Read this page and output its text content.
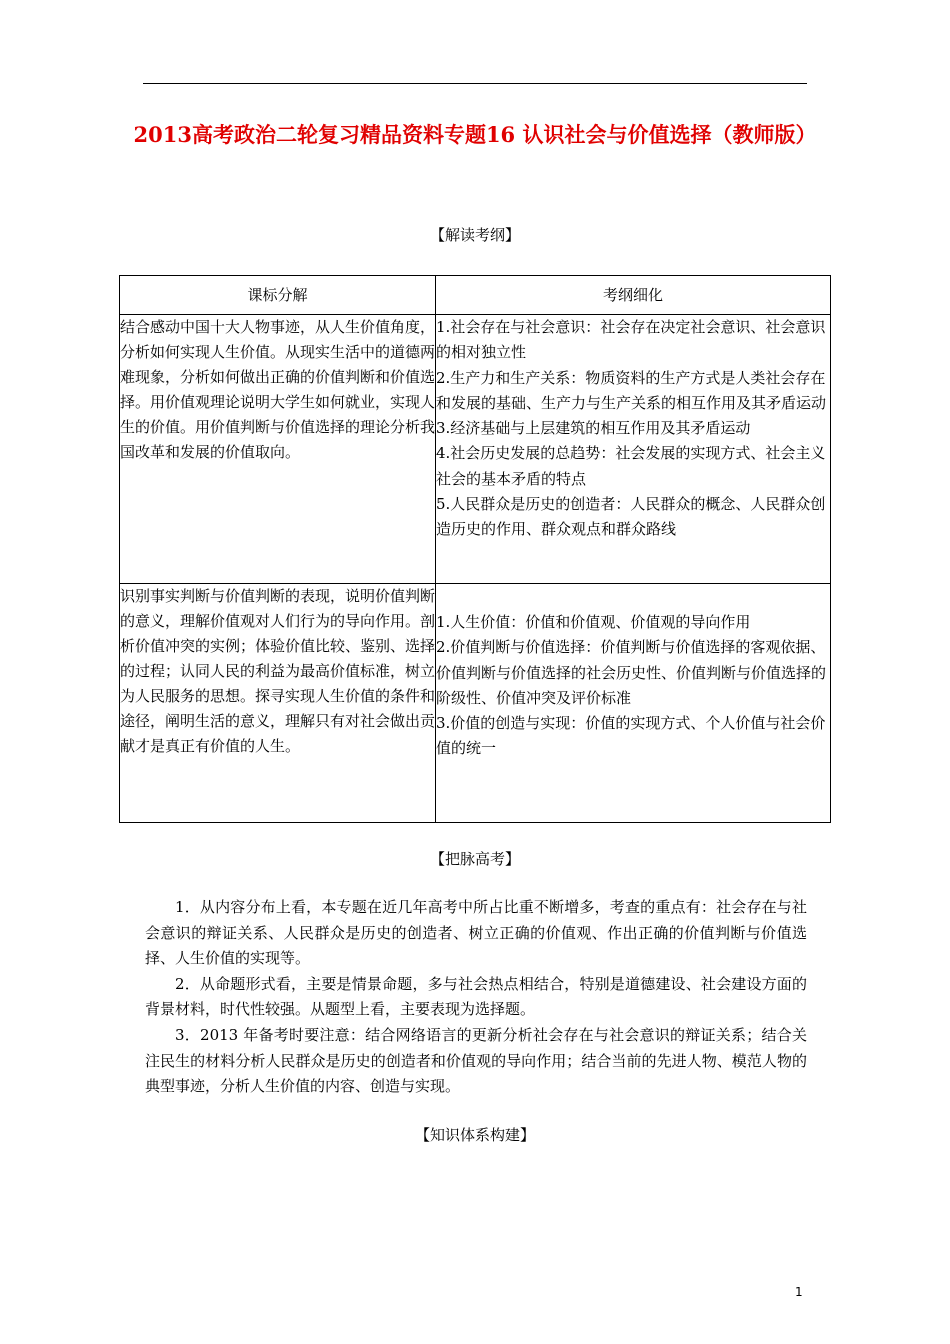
2013高考政治二轮复习精品资料专题16 认识社会与价值选择（教师版）
【解读考纲】
课标分解	考纲细化
结合感动中国十大人物事迹，从人生价值角度，分析如何实现人生价值。从现实生活中的道德两难现象，分析如何做出正确的价值判断和价值选择。用价值观理论说明大学生如何就业，实现人生的价值。用价值判断与价值选择的理论分析我国改革和发展的价值取向。	1.社会存在与社会意识：社会存在决定社会意识、社会意识的相对独立性
2.生产力和生产关系：物质资料的生产方式是人类社会存在和发展的基础、生产力与生产关系的相互作用及其矛盾运动
3.经济基础与上层建筑的相互作用及其矛盾运动
4.社会历史发展的总趋势：社会发展的实现方式、社会主义社会的基本矛盾的特点
5.人民群众是历史的创造者：人民群众的概念、人民群众创造历史的作用、群众观点和群众路线

识别事实判断与价值判断的表现，说明价值判断的意义，理解价值观对人们行为的导向作用。剖析价值冲突的实例；体验价值比较、鉴别、选择的过程；认同人民的利益为最高价值标准，树立为人民服务的思想。探寻实现人生价值的条件和途径，阐明生活的意义，理解只有对社会做出贡献才是真正有价值的人生。	1.人生价值：价值和价值观、价值观的导向作用
2.价值判断与价值选择：价值判断与价值选择的客观依据、价值判断与价值选择的社会历史性、价值判断与价值选择的阶级性、价值冲突及评价标准
3.价值的创造与实现：价值的实现方式、个人价值与社会价值的统一
【把脉高考】

1．从内容分布上看，本专题在近几年高考中所占比重不断增多，考查的重点有：社会存在与社会意识的辩证关系、人民群众是历史的创造者、树立正确的价值观、作出正确的价值判断与价值选择、人生价值的实现等。

2．从命题形式看，主要是情景命题，多与社会热点相结合，特别是道德建设、社会建设方面的背景材料，时代性较强。从题型上看，主要表现为选择题。

3．2013 年备考时要注意：结合网络语言的更新分析社会存在与社会意识的辩证关系；结合关注民生的材料分析人民群众是历史的创造者和价值观的导向作用；结合当前的先进人物、模范人物的典型事迹，分析人生价值的内容、创造与实现。

【知识体系构建】
1
